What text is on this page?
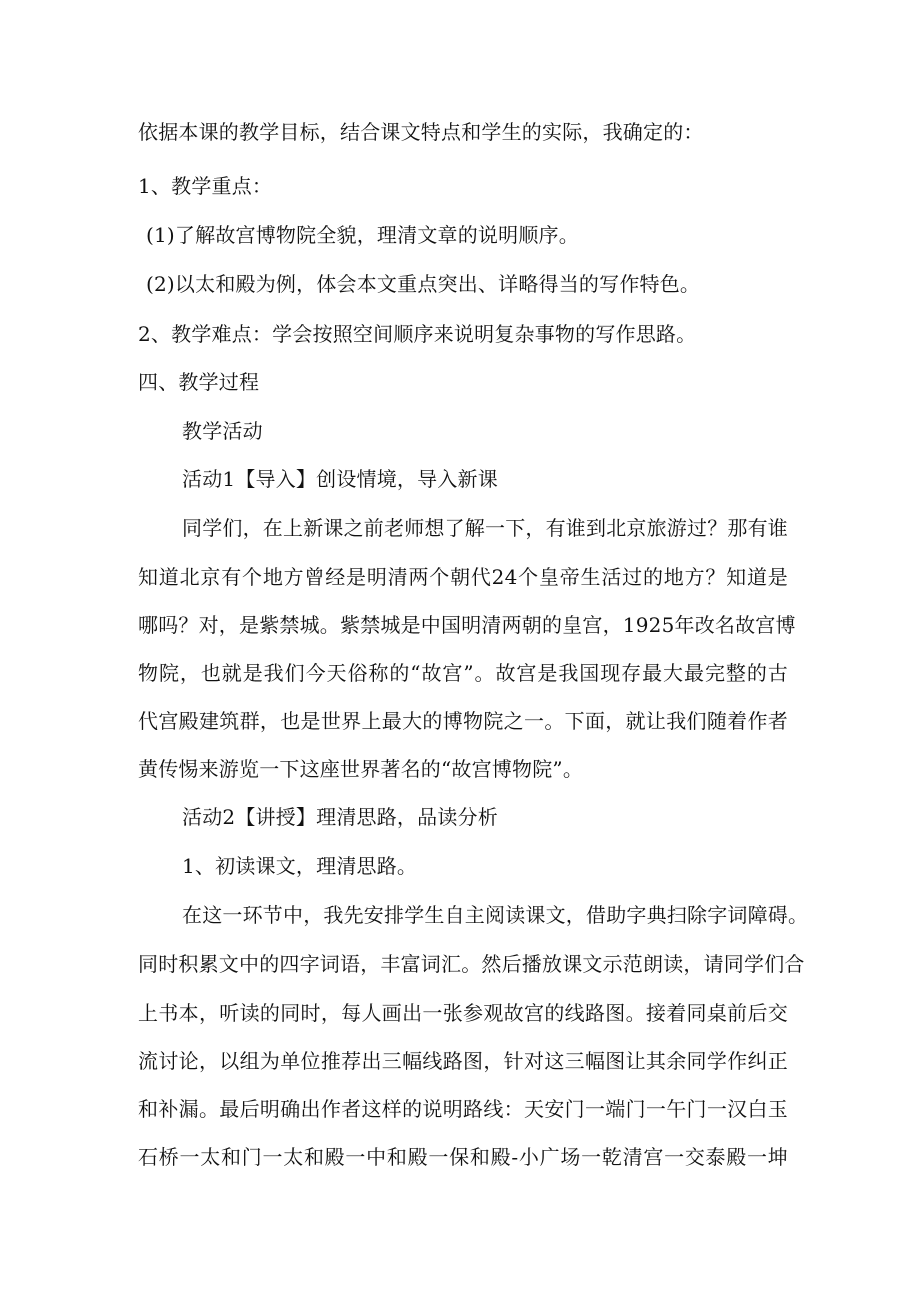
依据本课的教学目标，结合课文特点和学生的实际，我确定的：
1、教学重点：
(1)了解故宫博物院全貌，理清文章的说明顺序。
(2)以太和殿为例，体会本文重点突出、详略得当的写作特色。
2、教学难点：学会按照空间顺序来说明复杂事物的写作思路。
四、教学过程
教学活动
活动1【导入】创设情境，导入新课
同学们，在上新课之前老师想了解一下，有谁到北京旅游过？那有谁
知道北京有个地方曾经是明清两个朝代24个皇帝生活过的地方？知道是
哪吗？对，是紫禁城。紫禁城是中国明清两朝的皇宫，1925年改名故宫博
物院，也就是我们今天俗称的“故宫”。故宫是我国现存最大最完整的古
代宫殿建筑群，也是世界上最大的博物院之一。下面，就让我们随着作者
黄传惕来游览一下这座世界著名的“故宫博物院”。
活动2【讲授】理清思路，品读分析
1、初读课文，理清思路。
在这一环节中，我先安排学生自主阅读课文，借助字典扫除字词障碍。
同时积累文中的四字词语，丰富词汇。然后播放课文示范朗读，请同学们合
上书本，听读的同时，每人画出一张参观故宫的线路图。接着同桌前后交
流讨论，以组为单位推荐出三幅线路图，针对这三幅图让其余同学作纠正
和补漏。最后明确出作者这样的说明路线：天安门一端门一午门一汉白玉
石桥一太和门一太和殿一中和殿一保和殿-小广场一乾清宫一交泰殿一坤
